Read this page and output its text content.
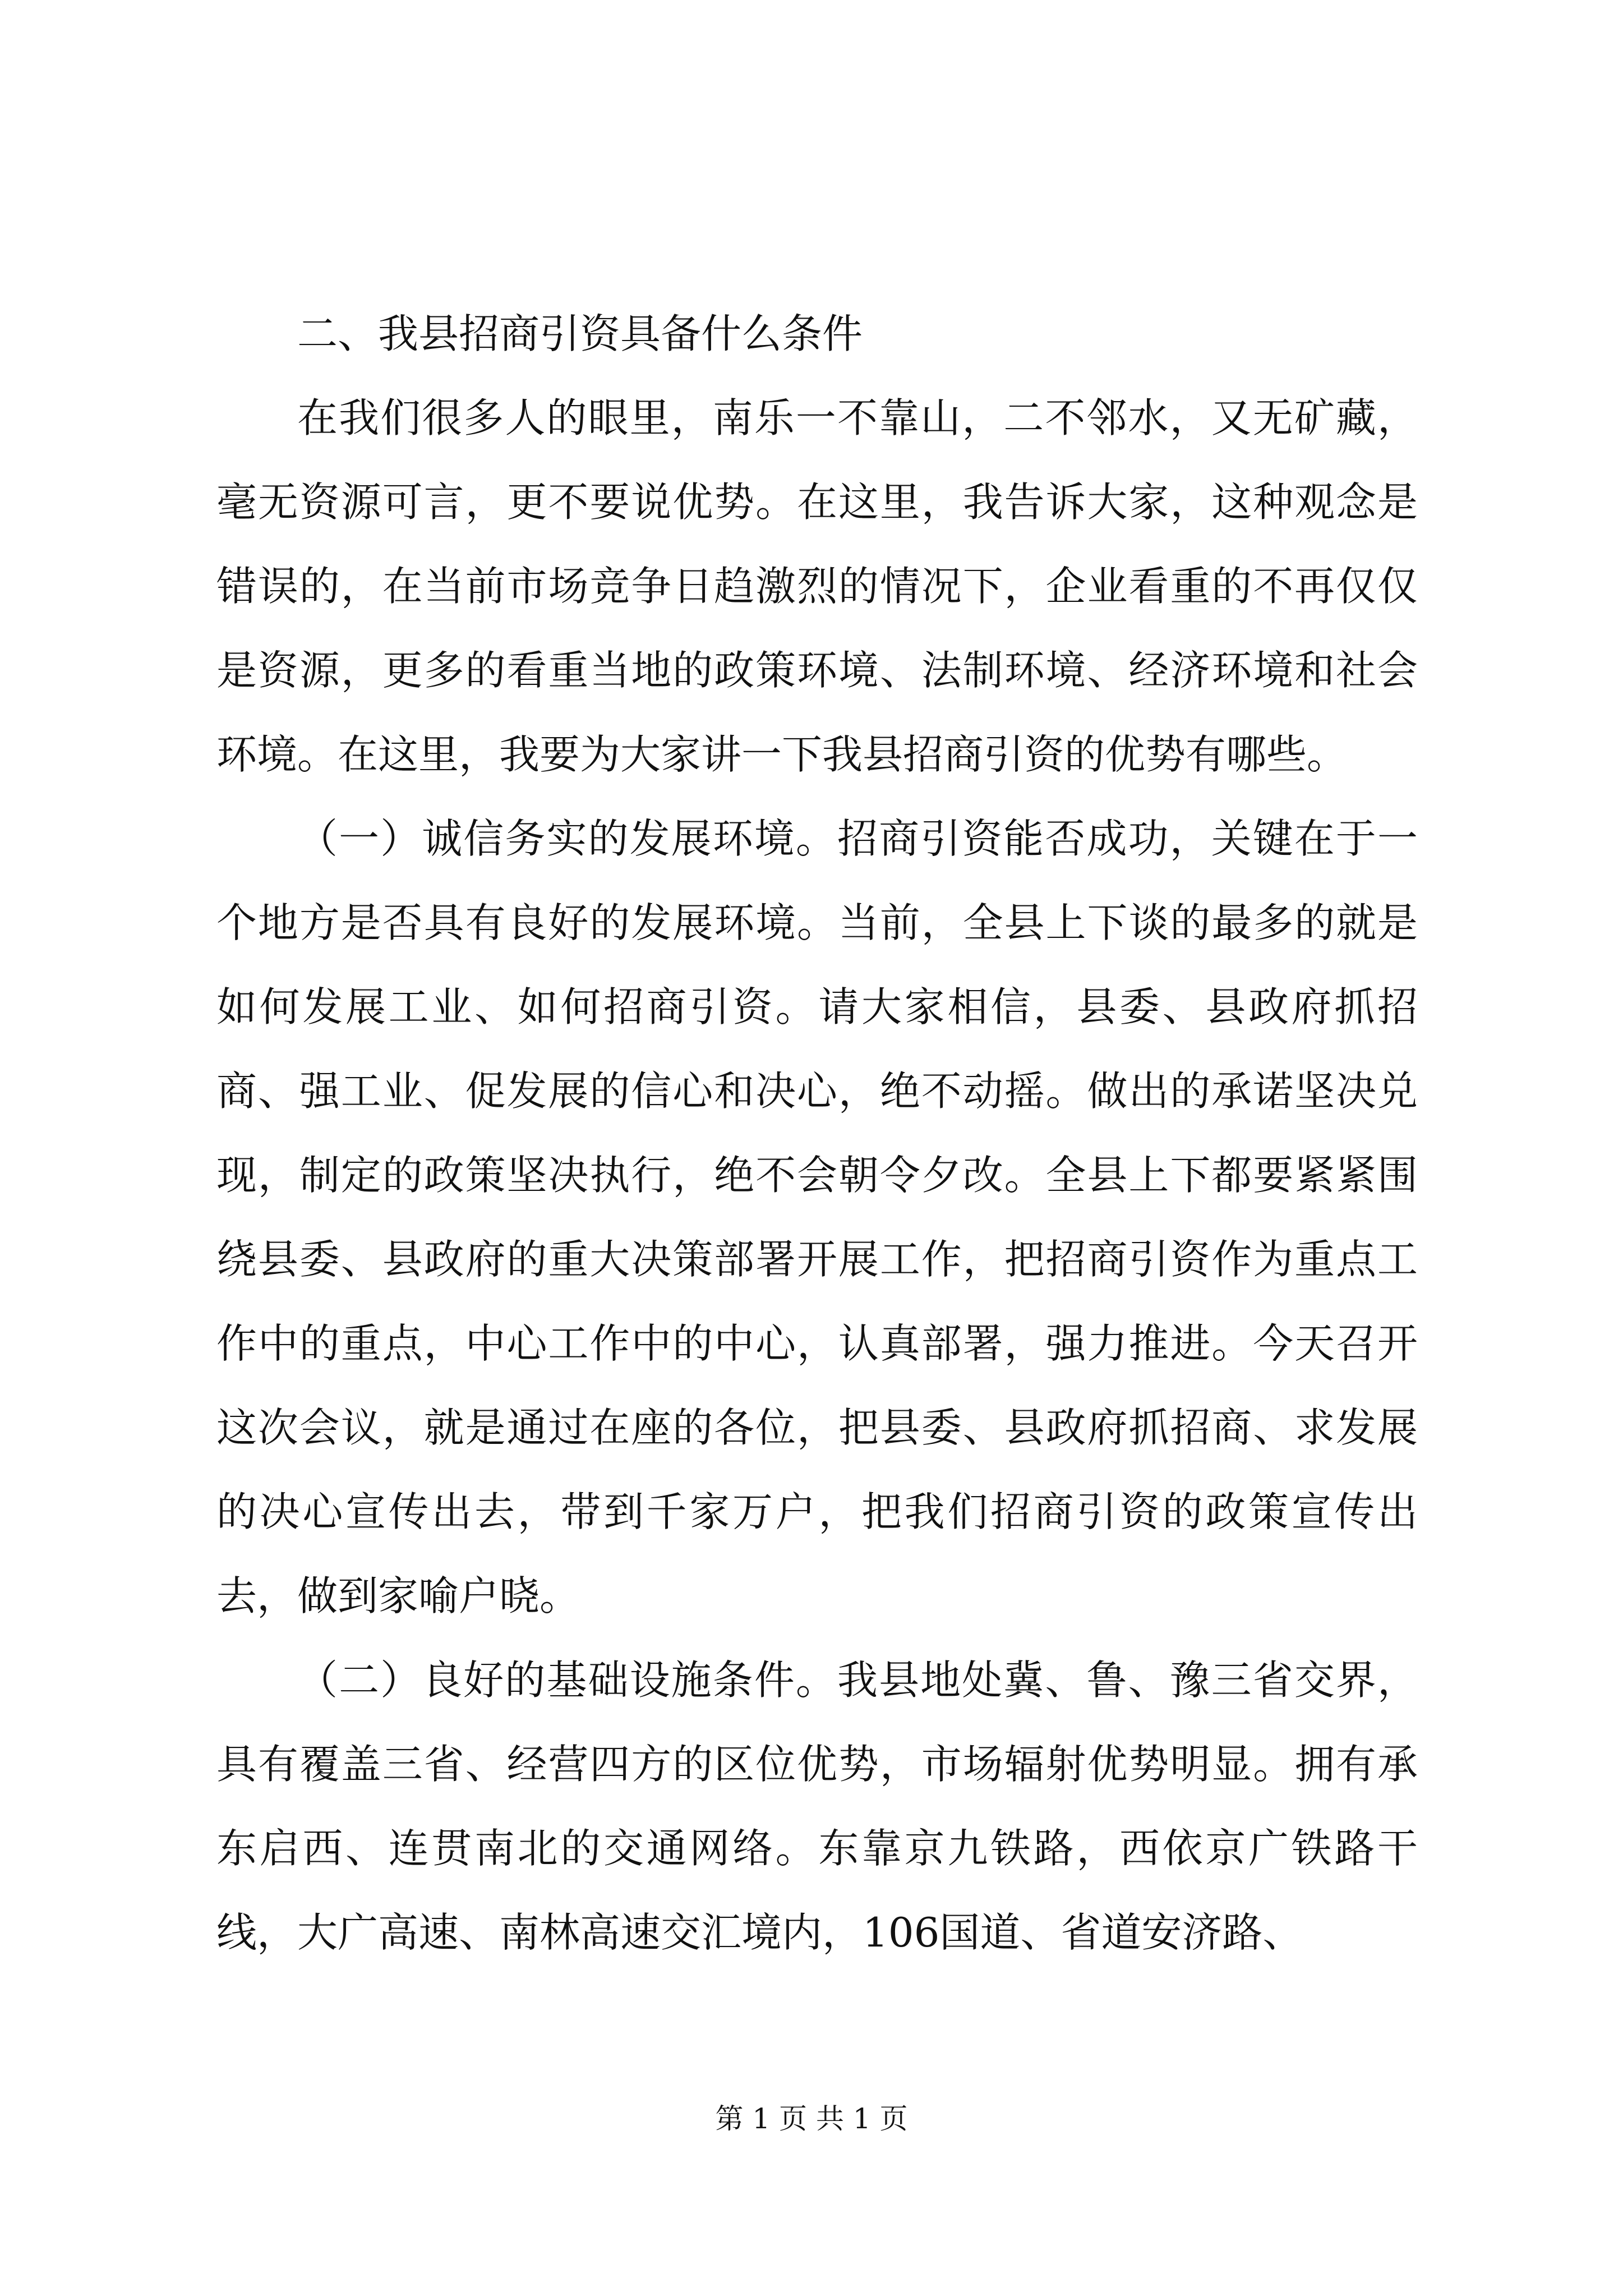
二、我县招商引资具备什么条件

在我们很多人的眼里，南乐一不靠山，二不邻水，又无矿藏，毫无资源可言，更不要说优势。在这里，我告诉大家，这种观念是错误的，在当前市场竞争日趋激烈的情况下，企业看重的不再仅仅是资源，更多的看重当地的政策环境、法制环境、经济环境和社会环境。在这里，我要为大家讲一下我县招商引资的优势有哪些。

（一）诚信务实的发展环境。招商引资能否成功，关键在于一个地方是否具有良好的发展环境。当前，全县上下谈的最多的就是如何发展工业、如何招商引资。请大家相信，县委、县政府抓招商、强工业、促发展的信心和决心，绝不动摇。做出的承诺坚决兑现，制定的政策坚决执行，绝不会朝令夕改。全县上下都要紧紧围绕县委、县政府的重大决策部署开展工作，把招商引资作为重点工作中的重点，中心工作中的中心，认真部署，强力推进。今天召开这次会议，就是通过在座的各位，把县委、县政府抓招商、求发展的决心宣传出去，带到千家万户，把我们招商引资的政策宣传出去，做到家喻户晓。

（二）良好的基础设施条件。我县地处冀、鲁、豫三省交界，具有覆盖三省、经营四方的区位优势，市场辐射优势明显。拥有承东启西、连贯南北的交通网络。东靠京九铁路，西依京广铁路干线，大广高速、南林高速交汇境内，106国道、省道安济路、

第 1 页 共 1 页
